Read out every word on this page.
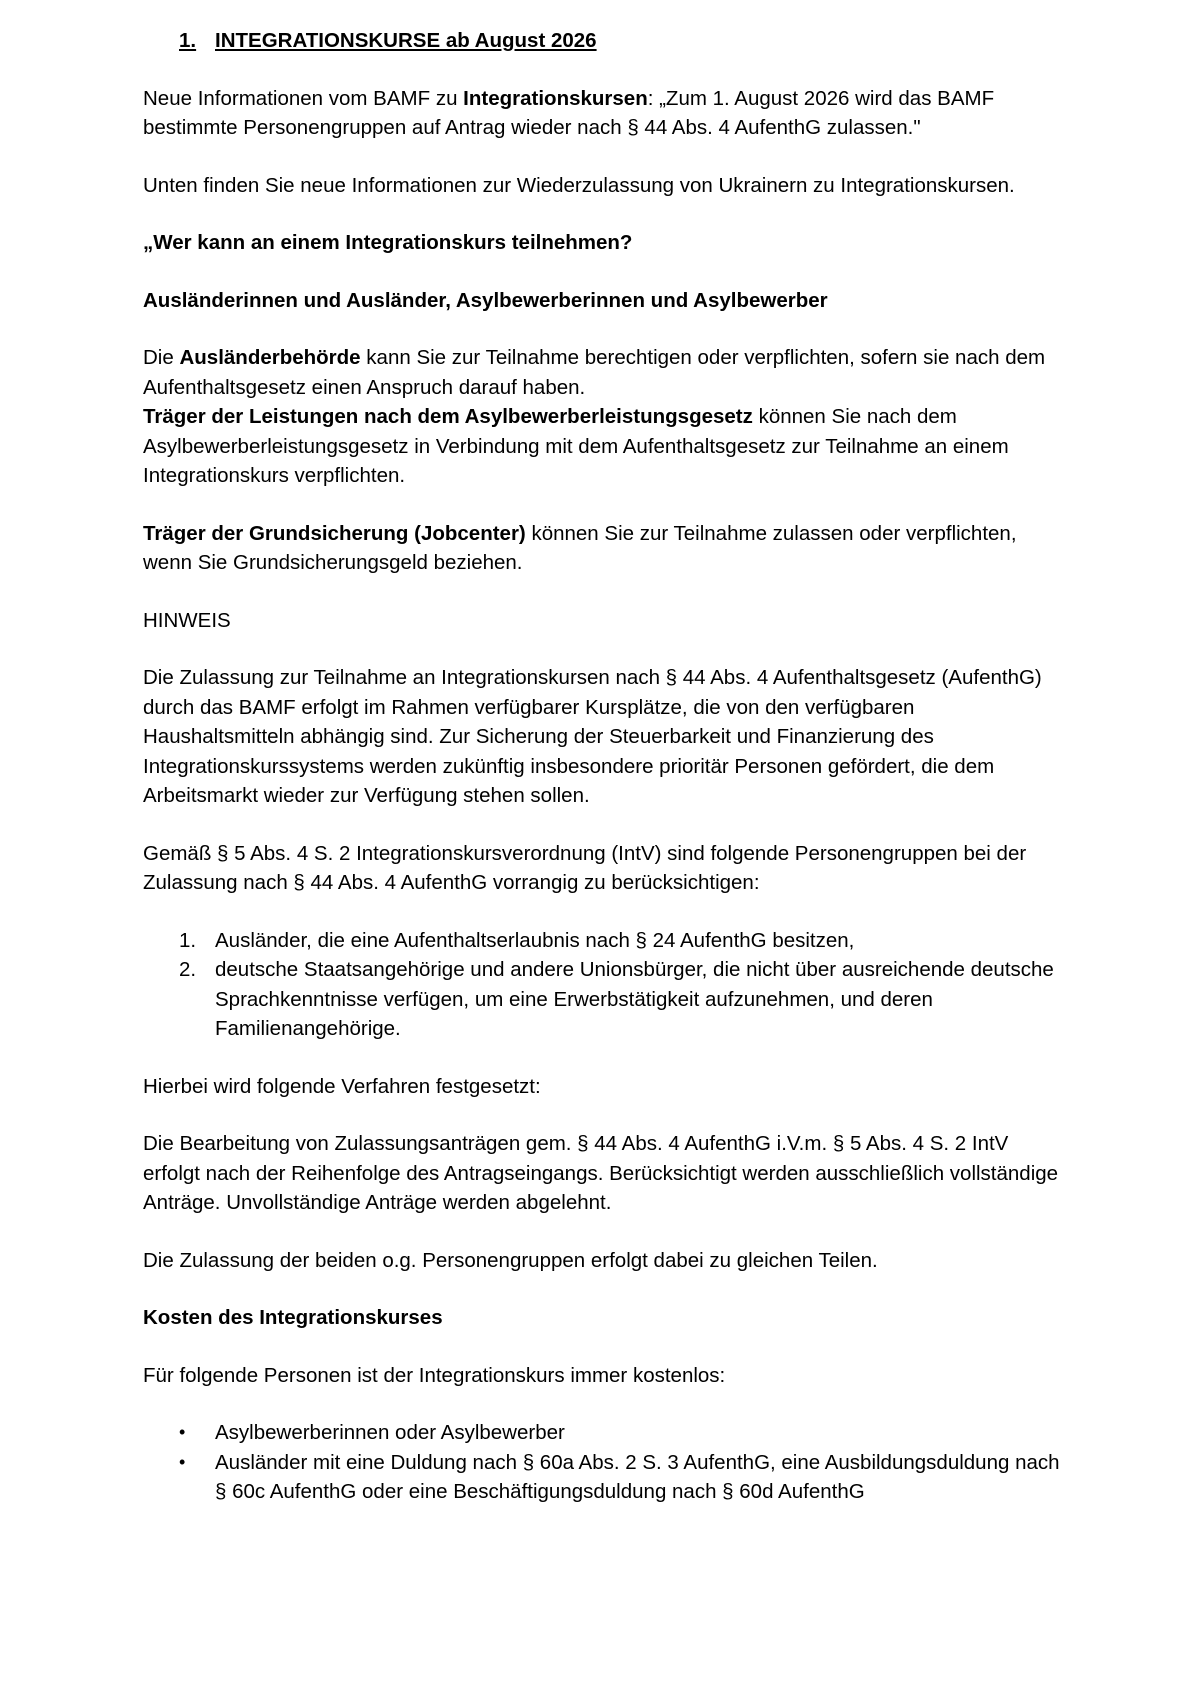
1. INTEGRATIONSKURSE ab August 2026

Neue Informationen vom BAMF zu Integrationskursen: „Zum 1. August 2026 wird das BAMF bestimmte Personengruppen auf Antrag wieder nach § 44 Abs. 4 AufenthG zulassen."

Unten finden Sie neue Informationen zur Wiederzulassung von Ukrainern zu Integrationskursen.

„Wer kann an einem Integrationskurs teilnehmen?

Ausländerinnen und Ausländer, Asylbewerberinnen und Asylbewerber

Die Ausländerbehörde kann Sie zur Teilnahme berechtigen oder verpflichten, sofern sie nach dem Aufenthaltsgesetz einen Anspruch darauf haben.
Träger der Leistungen nach dem Asylbewerberleistungsgesetz können Sie nach dem Asylbewerberleistungsgesetz in Verbindung mit dem Aufenthaltsgesetz zur Teilnahme an einem Integrationskurs verpflichten.

Träger der Grundsicherung (Jobcenter) können Sie zur Teilnahme zulassen oder verpflichten, wenn Sie Grundsicherungsgeld beziehen.

HINWEIS

Die Zulassung zur Teilnahme an Integrationskursen nach § 44 Abs. 4 Aufenthaltsgesetz (AufenthG) durch das BAMF erfolgt im Rahmen verfügbarer Kursplätze, die von den verfügbaren Haushaltsmitteln abhängig sind. Zur Sicherung der Steuerbarkeit und Finanzierung des Integrationskurssystems werden zukünftig insbesondere prioritär Personen gefördert, die dem Arbeitsmarkt wieder zur Verfügung stehen sollen.

Gemäß § 5 Abs. 4 S. 2 Integrationskursverordnung (IntV) sind folgende Personengruppen bei der Zulassung nach § 44 Abs. 4 AufenthG vorrangig zu berücksichtigen:

1. Ausländer, die eine Aufenthaltserlaubnis nach § 24 AufenthG besitzen,
2. deutsche Staatsangehörige und andere Unionsbürger, die nicht über ausreichende deutsche Sprachkenntnisse verfügen, um eine Erwerbstätigkeit aufzunehmen, und deren Familienangehörige.

Hierbei wird folgende Verfahren festgesetzt:

Die Bearbeitung von Zulassungsanträgen gem. § 44 Abs. 4 AufenthG i.V.m. § 5 Abs. 4 S. 2 IntV erfolgt nach der Reihenfolge des Antragseingangs. Berücksichtigt werden ausschließlich vollständige Anträge. Unvollständige Anträge werden abgelehnt.

Die Zulassung der beiden o.g. Personengruppen erfolgt dabei zu gleichen Teilen.

Kosten des Integrationskurses

Für folgende Personen ist der Integrationskurs immer kostenlos:

•	Asylbewerberinnen oder Asylbewerber
•	Ausländer mit eine Duldung nach § 60a Abs. 2 S. 3 AufenthG, eine Ausbildungsduldung nach § 60c AufenthG oder eine Beschäftigungsduldung nach § 60d AufenthG
